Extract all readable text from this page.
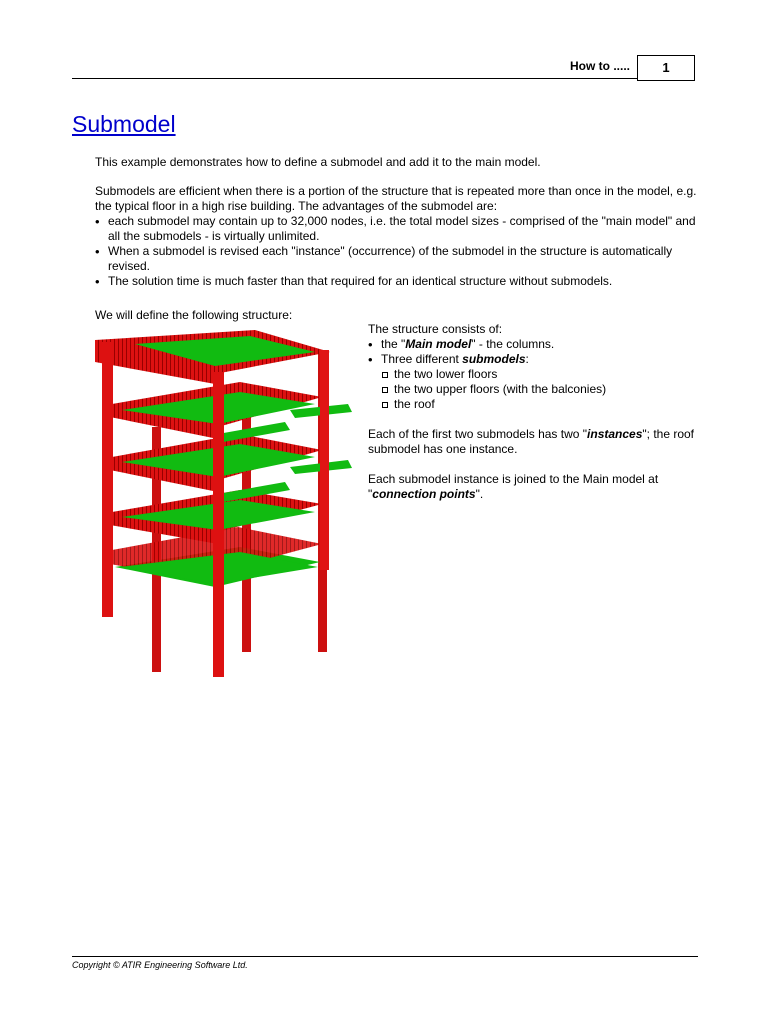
How to .....	1
Submodel

This example demonstrates how to define a submodel and add it to the main model.

Submodels are efficient when there is a portion of the structure that is repeated more than once in the model, e.g. the typical floor in a high rise building. The advantages of the submodel are:

• each submodel may contain up to 32,000 nodes, i.e. the total model sizes - comprised of the "main model" and all the submodels - is virtually unlimited.
• When a submodel is revised each "instance" (occurrence) of the submodel in the structure is automatically revised.
• The solution time is much faster than that required for an identical structure without submodels.

We will define the following structure:

The structure consists of:

• the "Main model" - the columns.
• Three different submodels:
the two lower floors
the two upper floors (with the balconies)
the roof

Each of the first two submodels has two "instances"; the roof submodel has one instance.

Each submodel instance is joined to the Main model at "connection points".

Copyright © ATIR Engineering Software Ltd.
